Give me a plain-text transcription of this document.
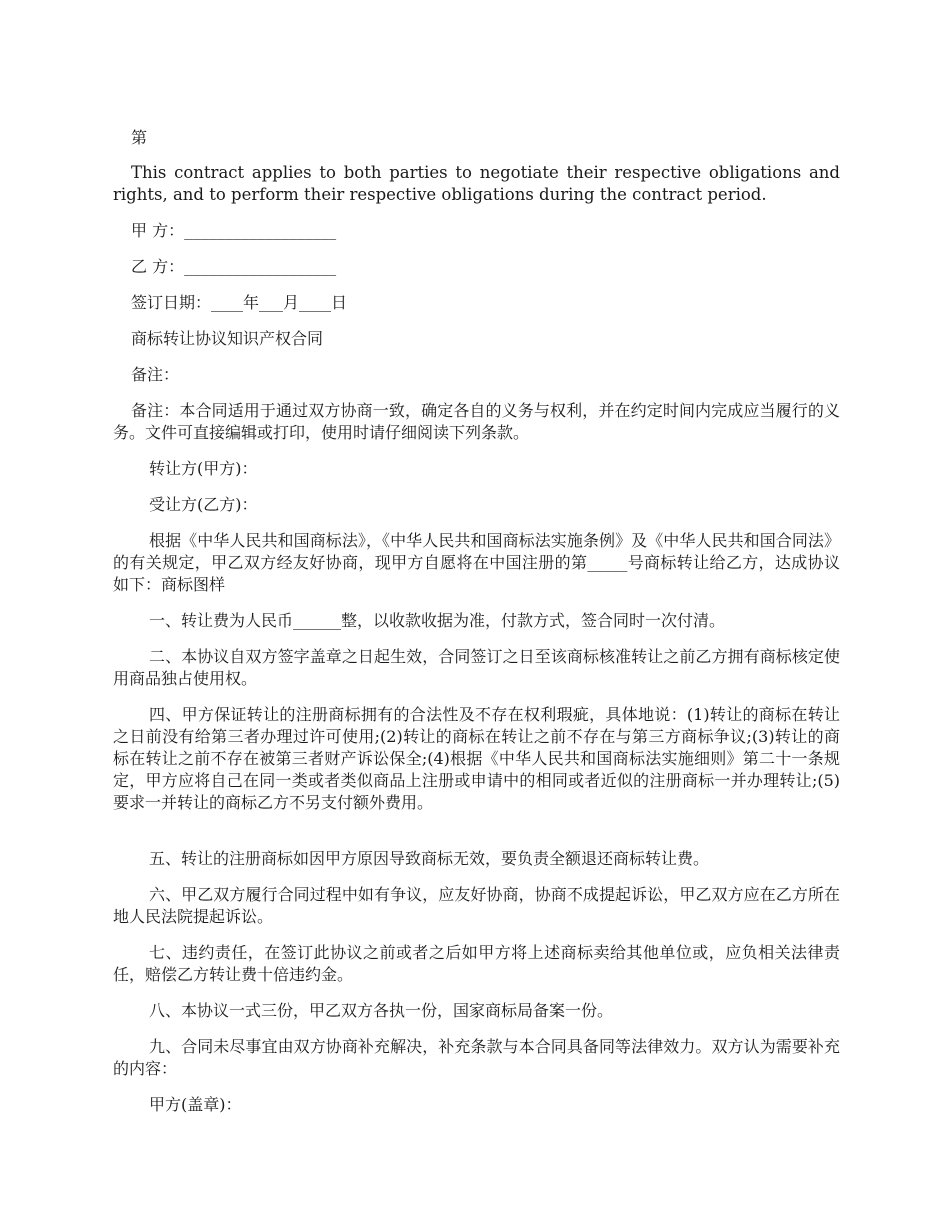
第

This contract applies to both parties to negotiate their respective obligations and rights, and to perform their respective obligations during the contract period.

甲 方：___________________

乙 方：___________________

签订日期：____年___月____日

商标转让协议知识产权合同

备注：

备注：本合同适用于通过双方协商一致，确定各自的义务与权利，并在约定时间内完成应当履行的义务。文件可直接编辑或打印，使用时请仔细阅读下列条款。

转让方(甲方)：

受让方(乙方)：

根据《中华人民共和国商标法》，《中华人民共和国商标法实施条例》及《中华人民共和国合同法》的有关规定，甲乙双方经友好协商，现甲方自愿将在中国注册的第_____号商标转让给乙方，达成协议如下：商标图样

一、转让费为人民币______整，以收款收据为准，付款方式，签合同时一次付清。

二、本协议自双方签字盖章之日起生效，合同签订之日至该商标核准转让之前乙方拥有商标核定使用商品独占使用权。

四、甲方保证转让的注册商标拥有的合法性及不存在权利瑕疵，具体地说：(1)转让的商标在转让之日前没有给第三者办理过许可使用;(2)转让的商标在转让之前不存在与第三方商标争议;(3)转让的商标在转让之前不存在被第三者财产诉讼保全;(4)根据《中华人民共和国商标法实施细则》第二十一条规定，甲方应将自己在同一类或者类似商品上注册或申请中的相同或者近似的注册商标一并办理转让;(5)要求一并转让的商标乙方不另支付额外费用。

五、转让的注册商标如因甲方原因导致商标无效，要负责全额退还商标转让费。

六、甲乙双方履行合同过程中如有争议，应友好协商，协商不成提起诉讼，甲乙双方应在乙方所在地人民法院提起诉讼。

七、违约责任，在签订此协议之前或者之后如甲方将上述商标卖给其他单位或，应负相关法律责任，赔偿乙方转让费十倍违约金。

八、本协议一式三份，甲乙双方各执一份，国家商标局备案一份。

九、合同未尽事宜由双方协商补充解决，补充条款与本合同具备同等法律效力。双方认为需要补充的内容：

甲方(盖章)：
